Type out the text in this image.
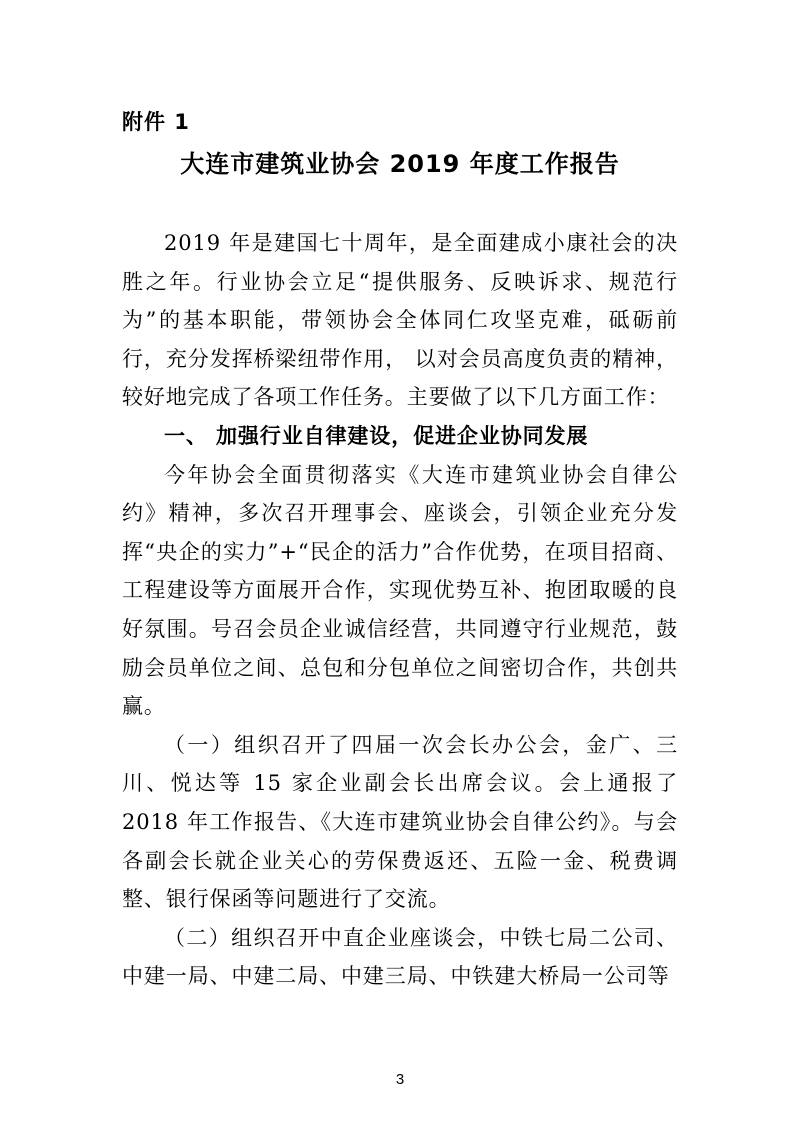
附件 1
大连市建筑业协会 2019 年度工作报告

2019 年是建国七十周年，是全面建成小康社会的决胜之年。行业协会立足“提供服务、反映诉求、规范行为”的基本职能，带领协会全体同仁攻坚克难，砥砺前行，充分发挥桥梁纽带作用， 以对会员高度负责的精神，较好地完成了各项工作任务。主要做了以下几方面工作：

一、 加强行业自律建设，促进企业协同发展

今年协会全面贯彻落实《大连市建筑业协会自律公约》精神，多次召开理事会、座谈会，引领企业充分发挥“央企的实力”+“民企的活力”合作优势，在项目招商、工程建设等方面展开合作，实现优势互补、抱团取暖的良好氛围。号召会员企业诚信经营，共同遵守行业规范，鼓励会员单位之间、总包和分包单位之间密切合作，共创共赢。

（一）组织召开了四届一次会长办公会，金广、三川、悦达等 15 家企业副会长出席会议。会上通报了 2018 年工作报告、《大连市建筑业协会自律公约》。与会各副会长就企业关心的劳保费返还、五险一金、税费调整、银行保函等问题进行了交流。

（二）组织召开中直企业座谈会，中铁七局二公司、中建一局、中建二局、中建三局、中铁建大桥局一公司等

3
